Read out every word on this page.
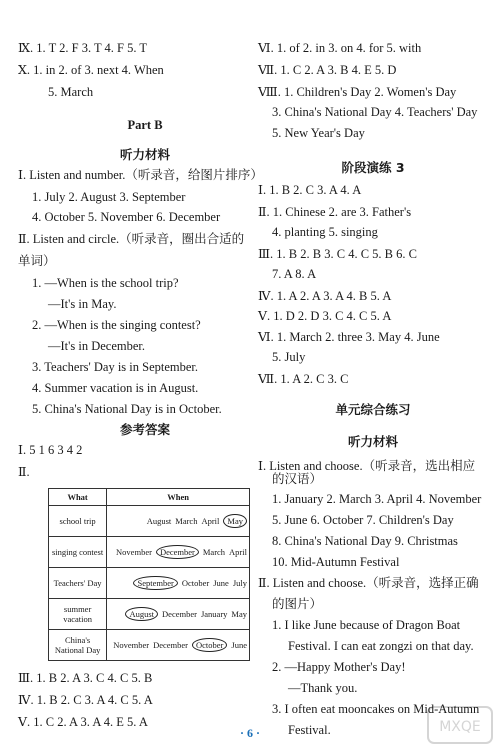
Part B
听力材料
参考答案
What	When
school trip	August March April May
singing contest	November December March April
Teachers' Day	September October June July
summer vacation	August December January May
China's National Day	November December October June
阶段演练 3
单元综合练习
听力材料
的汉语）
· 6 ·	MXQE
Ⅸ. 1. T 2. F 3. T 4. F 5. T
Ⅹ. 1. in 2. of 3. next 4. When
5. March
Ⅰ. Listen and number.（听录音，给图片排序）
1. July 2. August 3. September
4. October 5. November 6. December
Ⅱ. Listen and circle.（听录音，圈出合适的
单词）
1. —When is the school trip?
—It's in May.
2. —When is the singing contest?
—It's in December.
3. Teachers' Day is in September.
4. Summer vacation is in August.
5. China's National Day is in October.
Ⅰ. 5 1 6 3 4 2
Ⅱ.
Ⅲ. 1. B 2. A 3. C 4. C 5. B
Ⅳ. 1. B 2. C 3. A 4. C 5. A
Ⅴ. 1. C 2. A 3. A 4. E 5. A
Ⅵ. 1. of 2. in 3. on 4. for 5. with
Ⅶ. 1. C 2. A 3. B 4. E 5. D
Ⅷ. 1. Children's Day 2. Women's Day
3. China's National Day 4. Teachers' Day
5. New Year's Day
Ⅰ. 1. B 2. C 3. A 4. A
Ⅱ. 1. Chinese 2. are 3. Father's
4. planting 5. singing
Ⅲ. 1. B 2. B 3. C 4. C 5. B 6. C
7. A 8. A
Ⅳ. 1. A 2. A 3. A 4. B 5. A
Ⅴ. 1. D 2. D 3. C 4. C 5. A
Ⅵ. 1. March 2. three 3. May 4. June
5. July
Ⅶ. 1. A 2. C 3. C
Ⅰ. Listen and choose.（听录音，选出相应
1. January 2. March 3. April 4. November
5. June 6. October 7. Children's Day
8. China's National Day 9. Christmas
10. Mid-Autumn Festival
Ⅱ. Listen and choose.（听录音，选择正确
的图片）
1. I like June because of Dragon Boat
Festival. I can eat zongzi on that day.
2. —Happy Mother's Day!
—Thank you.
3. I often eat mooncakes on Mid-Autumn
Festival.
